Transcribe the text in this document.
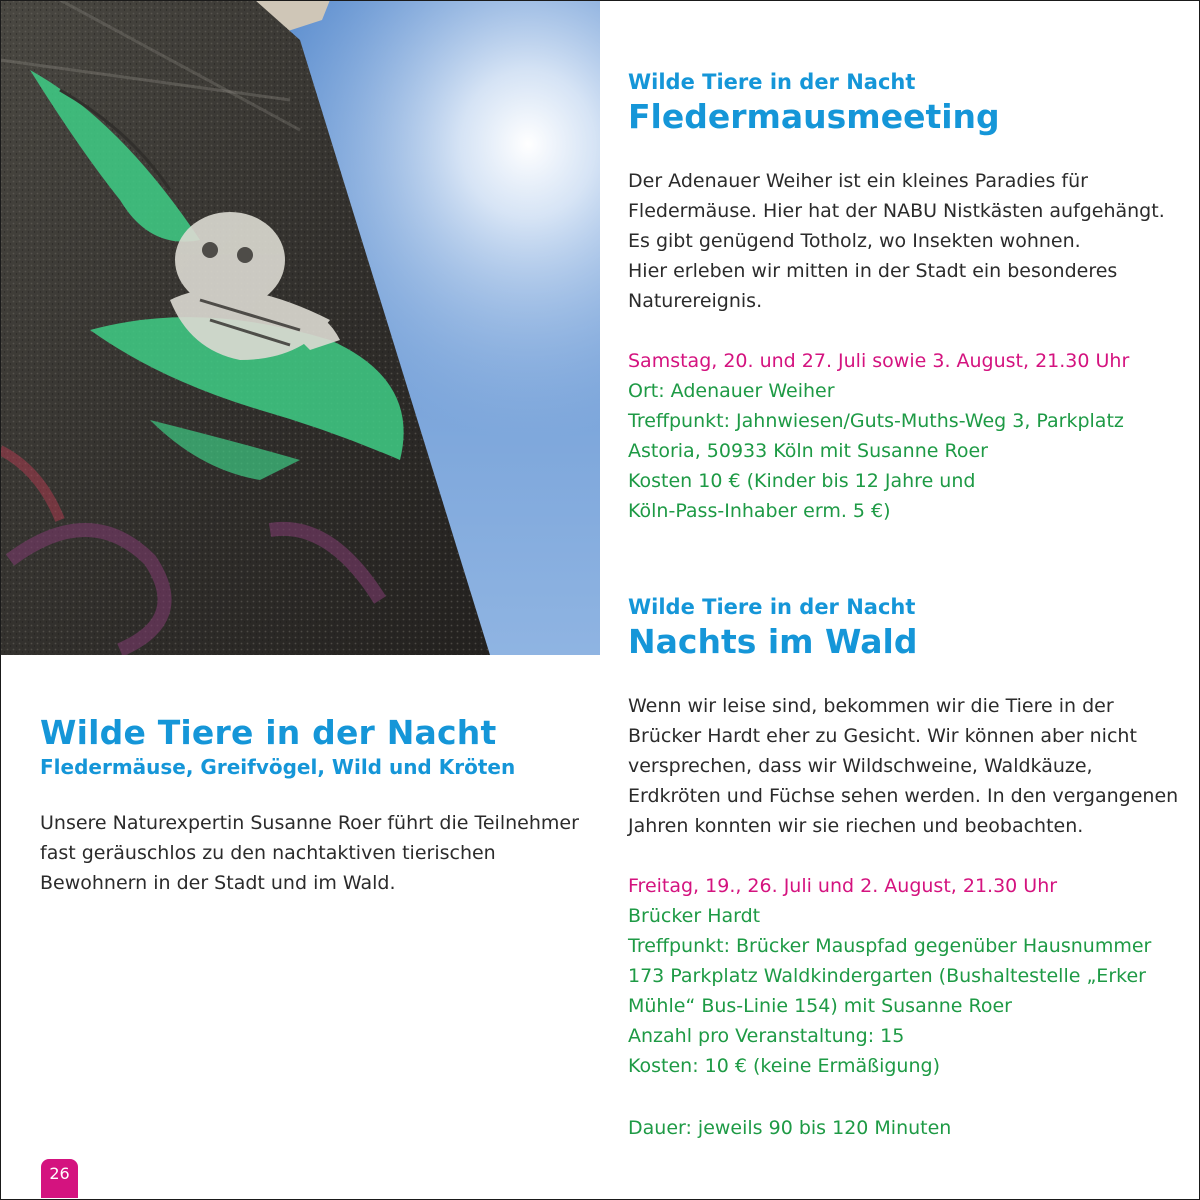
Wilde Tiere in der Nacht
Fledermäuse, Greifvögel, Wild und Kröten

Unsere Naturexpertin Susanne Roer führt die Teilnehmer fast geräuschlos zu den nachtaktiven tierischen Bewohnern in der Stadt und im Wald.

Wilde Tiere in der Nacht
Fledermausmeeting
Der Adenauer Weiher ist ein kleines Paradies für
Fledermäuse. Hier hat der NABU Nistkästen aufgehängt.
Es gibt genügend Totholz, wo Insekten wohnen.
Hier erleben wir mitten in der Stadt ein besonderes
Naturereignis.
Samstag, 20. und 27. Juli sowie 3. August, 21.30 Uhr
Ort: Adenauer Weiher
Treffpunkt: Jahnwiesen/Guts-Muths-Weg 3, Parkplatz
Astoria, 50933 Köln mit Susanne Roer
Kosten 10 € (Kinder bis 12 Jahre und
Köln-Pass-Inhaber erm. 5 €)
Wilde Tiere in der Nacht
Nachts im Wald
Wenn wir leise sind, bekommen wir die Tiere in der
Brücker Hardt eher zu Gesicht. Wir können aber nicht
versprechen, dass wir Wildschweine, Waldkäuze,
Erdkröten und Füchse sehen werden. In den vergangenen
Jahren konnten wir sie riechen und beobachten.
Freitag, 19., 26. Juli und 2. August, 21.30 Uhr
Brücker Hardt
Treffpunkt: Brücker Mauspfad gegenüber Hausnummer
173 Parkplatz Waldkindergarten (Bushaltestelle „Erker
Mühle“ Bus-Linie 154) mit Susanne Roer
Anzahl pro Veranstaltung: 15
Kosten: 10 € (keine Ermäßigung)
Dauer: jeweils 90 bis 120 Minuten
26
